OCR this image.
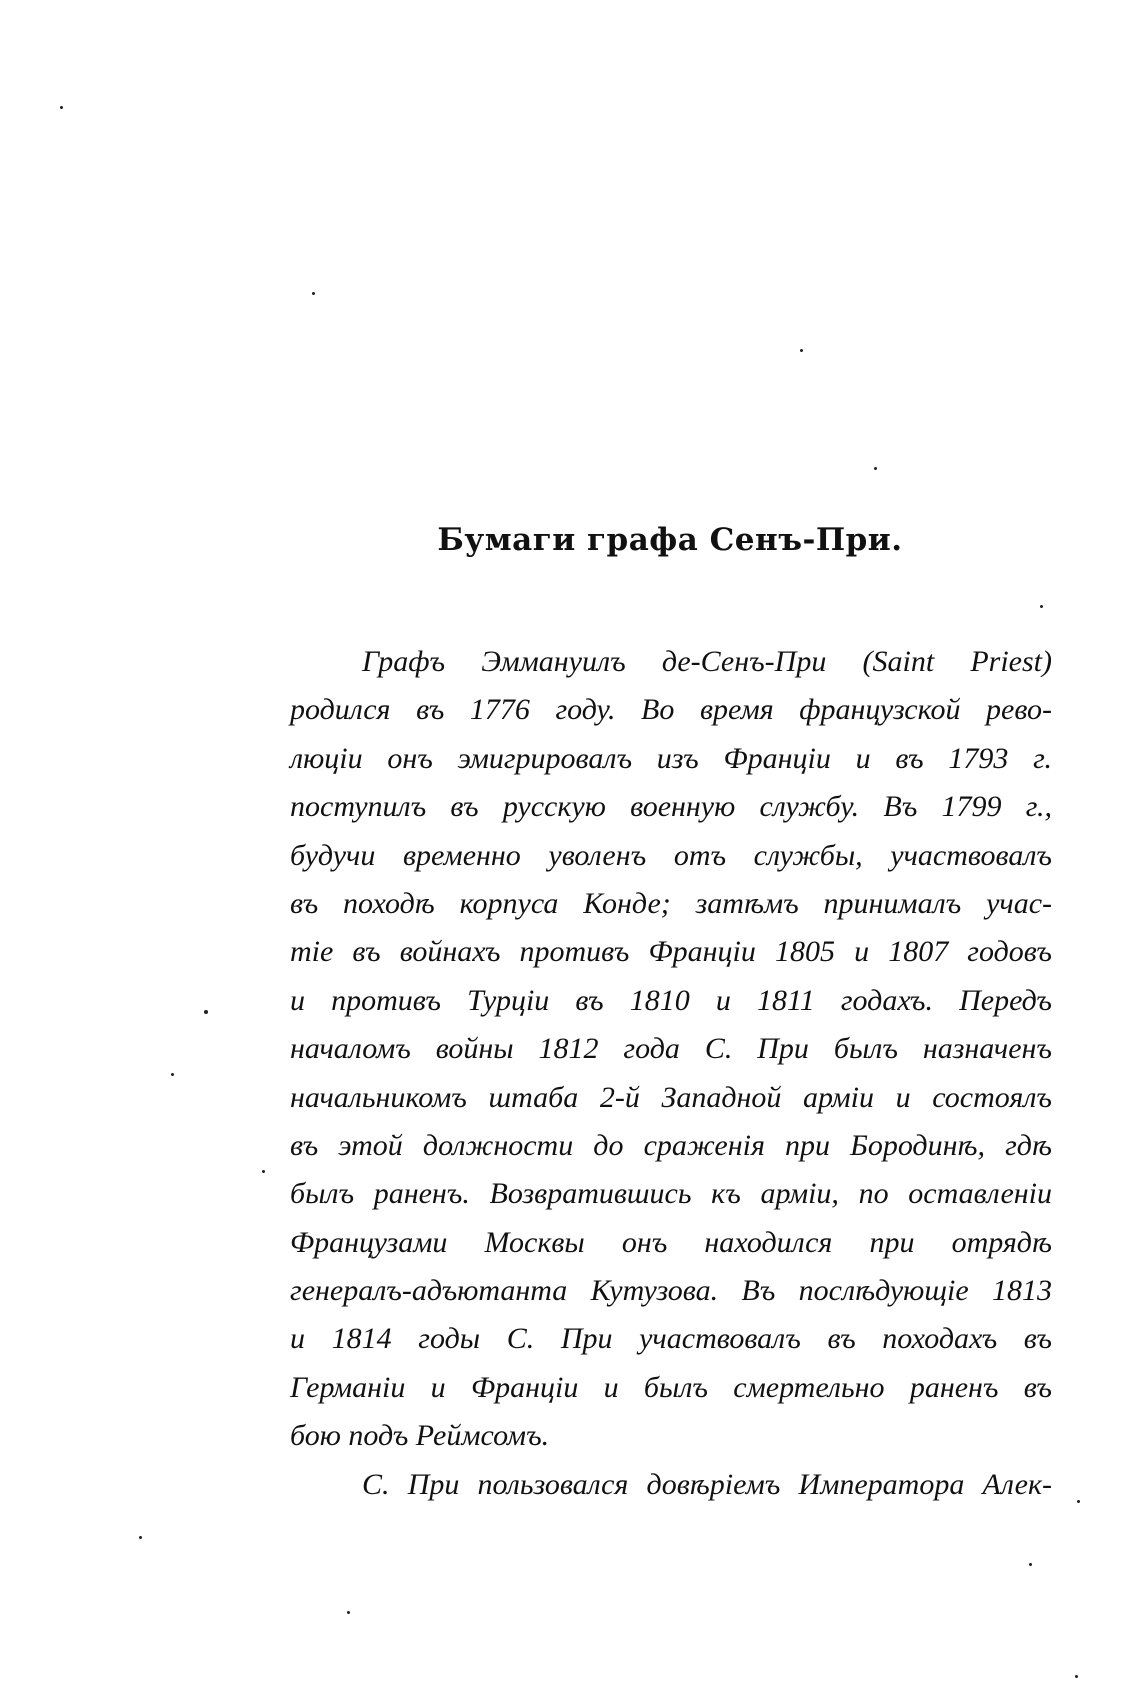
Бумаги графа Сенъ-При.
Графъ Эммануилъ де-Сенъ-При (Saint Priest)
родился въ 1776 году. Во время французской рево-
люціи онъ эмигрировалъ изъ Франціи и въ 1793 г.
поступилъ въ русскую военную службу. Въ 1799 г.,
будучи временно уволенъ отъ службы, участвовалъ
въ походѣ корпуса Конде; затѣмъ принималъ учас-
тіе въ войнахъ противъ Франціи 1805 и 1807 годовъ
и противъ Турціи въ 1810 и 1811 годахъ. Передъ
началомъ войны 1812 года С. При былъ назначенъ
начальникомъ штаба 2-й Западной арміи и состоялъ
въ этой должности до сраженія при Бородинѣ, гдѣ
былъ раненъ. Возвратившись къ арміи, по оставленіи
Французами Москвы онъ находился при отрядѣ
генералъ-адъютанта Кутузова. Въ послѣдующіе 1813
и 1814 годы С. При участвовалъ въ походахъ въ
Германіи и Франціи и былъ смертельно раненъ въ
бою подъ Реймсомъ.
С. При пользовался довѣріемъ Императора Алек-
